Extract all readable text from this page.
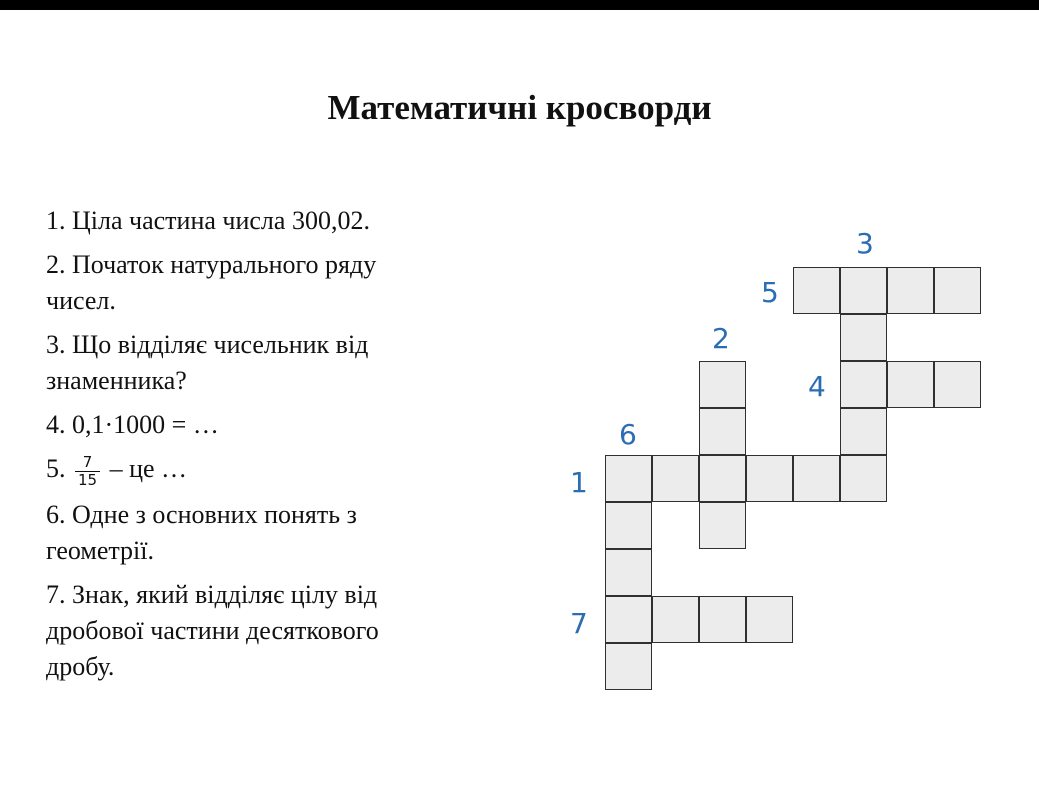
Математичні кросворди

1. Ціла частина числа 300,02.

2. Початок натурального ряду чисел.

3. Що відділяє чисельник від знаменника?

4. 0,1·1000 = …

5. $\frac{7}{15}$ – це …

6. Одне з основних понять з геометрії.

7. Знак, який відділяє цілу від дробової частини десяткового дробу.

1
2
3
4
5
6
7
